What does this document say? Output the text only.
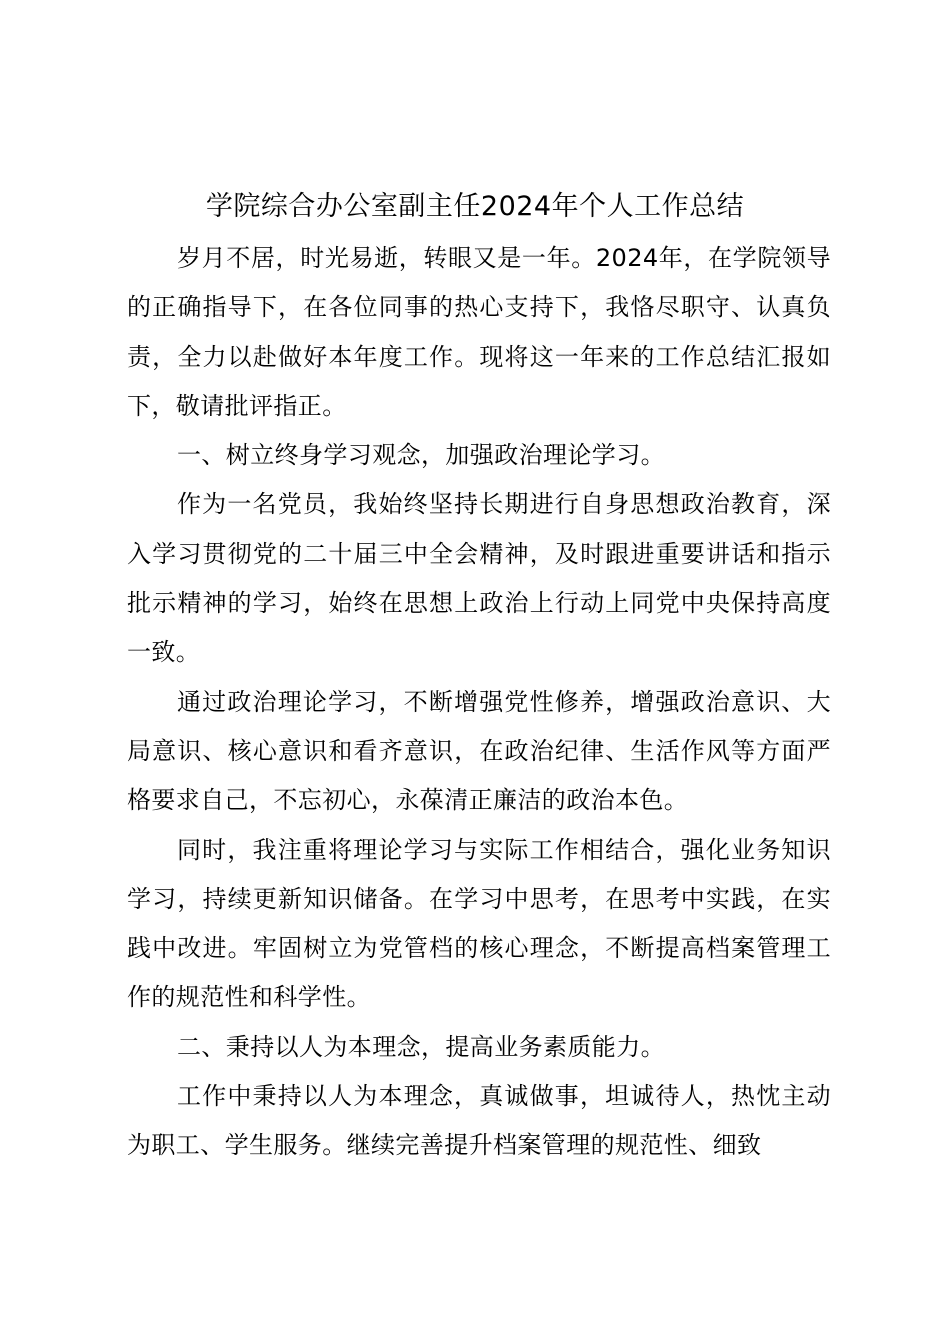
学院综合办公室副主任2024年个人工作总结

岁月不居，时光易逝，转眼又是一年。2024年，在学院领导的正确指导下，在各位同事的热心支持下，我恪尽职守、认真负责，全力以赴做好本年度工作。现将这一年来的工作总结汇报如下，敬请批评指正。

一、树立终身学习观念，加强政治理论学习。

作为一名党员，我始终坚持长期进行自身思想政治教育，深入学习贯彻党的二十届三中全会精神，及时跟进重要讲话和指示批示精神的学习，始终在思想上政治上行动上同党中央保持高度一致。

通过政治理论学习，不断增强党性修养，增强政治意识、大局意识、核心意识和看齐意识，在政治纪律、生活作风等方面严格要求自己，不忘初心，永葆清正廉洁的政治本色。

同时，我注重将理论学习与实际工作相结合，强化业务知识学习，持续更新知识储备。在学习中思考，在思考中实践，在实践中改进。牢固树立为党管档的核心理念，不断提高档案管理工作的规范性和科学性。

二、秉持以人为本理念，提高业务素质能力。

工作中秉持以人为本理念，真诚做事，坦诚待人，热忱主动为职工、学生服务。继续完善提升档案管理的规范性、细致
